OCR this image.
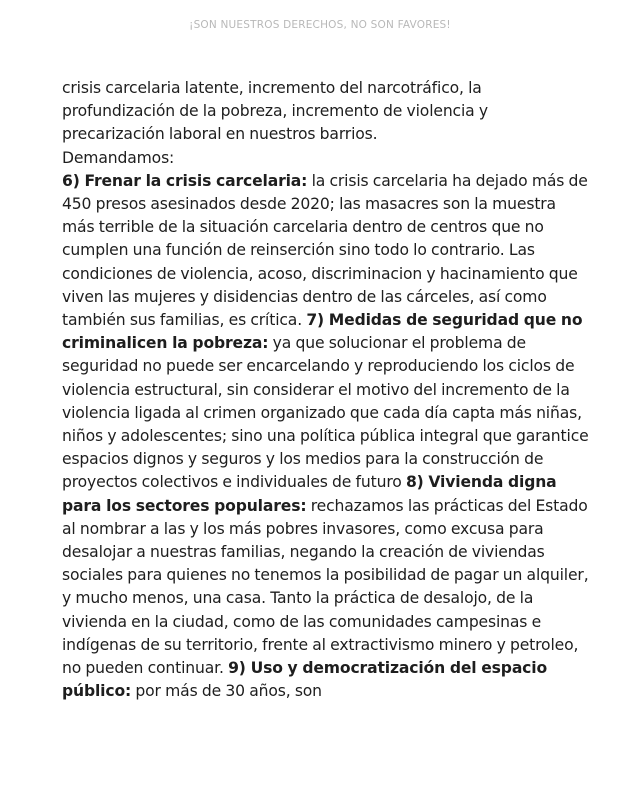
¡SON NUESTROS DERECHOS, NO SON FAVORES!

crisis carcelaria latente, incremento del narcotráfico, la profundización de la pobreza, incremento de violencia y precarización laboral en nuestros barrios.

Demandamos:

6) Frenar la crisis carcelaria: la crisis carcelaria ha dejado más de 450 presos asesinados desde 2020; las masacres son la muestra más terrible de la situación carcelaria dentro de centros que no cumplen una función de reinserción sino todo lo contrario. Las condiciones de violencia, acoso, discriminacion y hacinamiento que viven las mujeres y disidencias dentro de las cárceles, así como también sus familias, es crítica. 7) Medidas de seguridad que no criminalicen la pobreza: ya que solucionar el problema de seguridad no puede ser encarcelando y reproduciendo los ciclos de violencia estructural, sin considerar el motivo del incremento de la violencia ligada al crimen organizado que cada día capta más niñas, niños y adolescentes; sino una política pública integral que garantice espacios dignos y seguros y los medios para la construcción de proyectos colectivos e individuales de futuro 8) Vivienda digna para los sectores populares: rechazamos las prácticas del Estado al nombrar a las y los más pobres invasores, como excusa para desalojar a nuestras familias, negando la creación de viviendas sociales para quienes no tenemos la posibilidad de pagar un alquiler, y mucho menos, una casa. Tanto la práctica de desalojo, de la vivienda en la ciudad, como de las comunidades campesinas e indígenas de su territorio, frente al extractivismo minero y petroleo, no pueden continuar. 9) Uso y democratización del espacio público: por más de 30 años, son
